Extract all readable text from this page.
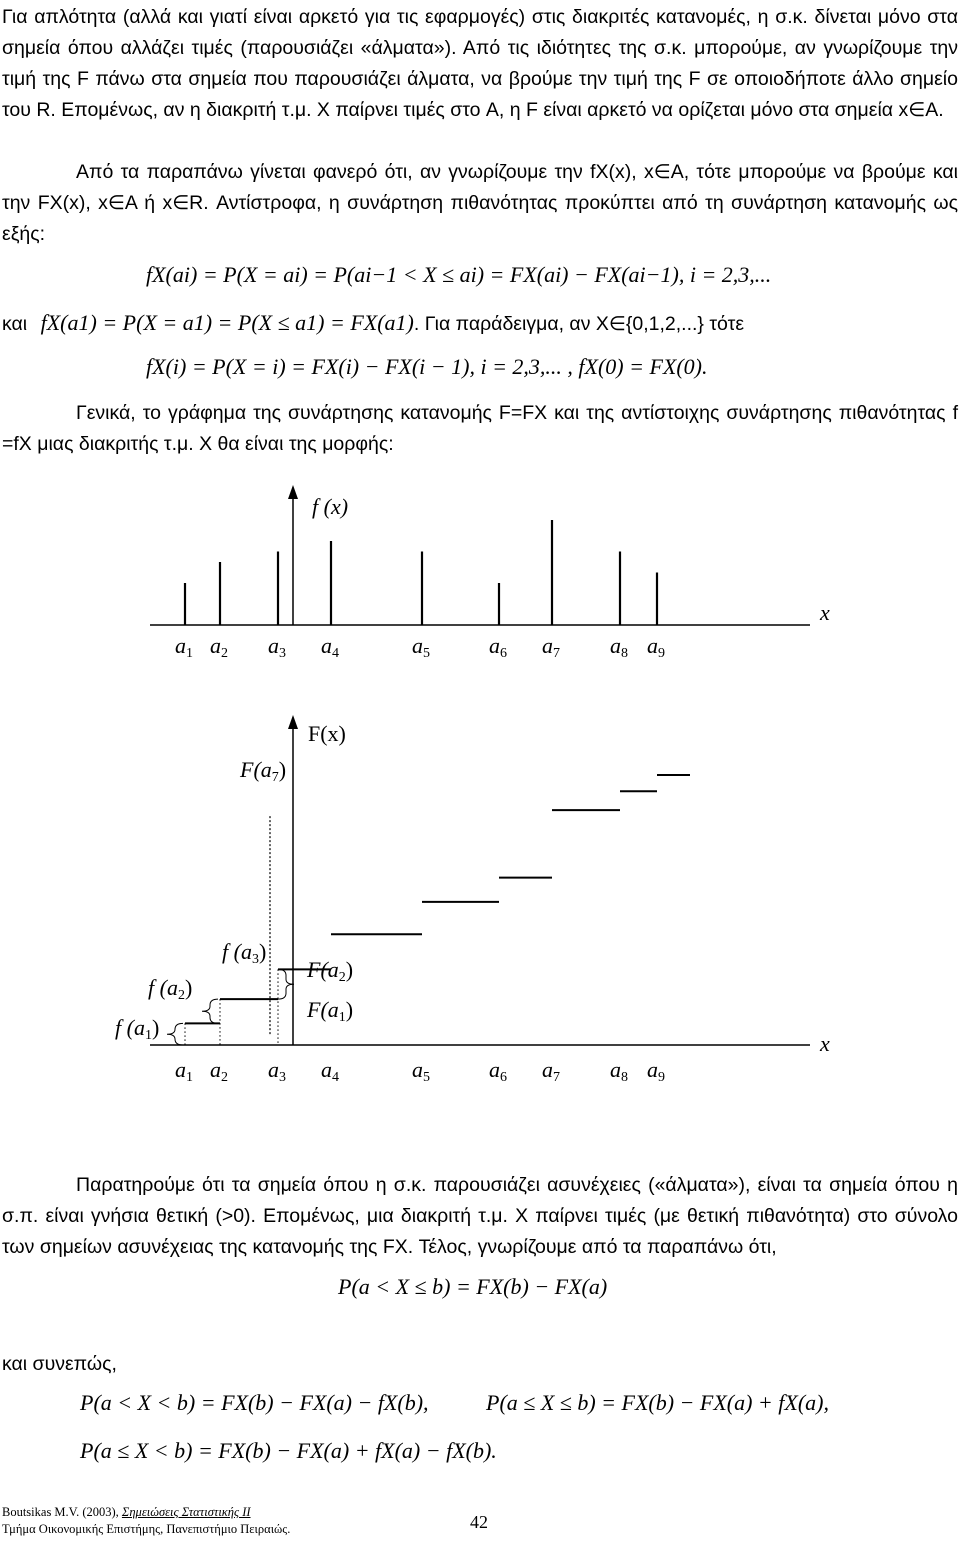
Για απλότητα (αλλά και γιατί είναι αρκετό για τις εφαρμογές) στις διακριτές κατανομές, η σ.κ. δίνεται μόνο στα σημεία όπου αλλάζει τιμές (παρουσιάζει «άλματα»). Από τις ιδιότητες της σ.κ. μπορούμε, αν γνωρίζουμε την τιμή της F πάνω στα σημεία που παρουσιάζει άλματα, να βρούμε την τιμή της F σε οποιοδήποτε άλλο σημείο του R. Επομένως, αν η διακριτή τ.μ. X παίρνει τιμές στο A, η F είναι αρκετό να ορίζεται μόνο στα σημεία x∈A.

Από τα παραπάνω γίνεται φανερό ότι, αν γνωρίζουμε την fX(x), x∈A, τότε μπορούμε να βρούμε και την FX(x), x∈A ή x∈R. Αντίστροφα, η συνάρτηση πιθανότητας προκύπτει από τη συνάρτηση κατανομής ως εξής:

fX(ai) = P(X = ai) = P(ai−1 < X ≤ ai) = FX(ai) − FX(ai−1), i = 2,3,...
και fX(a1) = P(X = a1) = P(X ≤ a1) = FX(a1). Για παράδειγμα, αν X∈{0,1,2,...} τότε
fX(i) = P(X = i) = FX(i) − FX(i − 1), i = 2,3,... , fX(0) = FX(0).

Γενικά, το γράφημα της συνάρτησης κατανομής F=FX και της αντίστοιχης συνάρτησης πιθανότητας f =fX μιας διακριτής τ.μ. X θα είναι της μορφής:

f (x)
x
a1 a2 a3 a4	a5	a6 a7 a8 a9
F(x)
x
a1 a2 a3 a4	a5	a6 a7 a8 a9
F(a7)
f (a3)
f (a2)
f (a1)
F(a2)
F(a1)

Παρατηρούμε ότι τα σημεία όπου η σ.κ. παρουσιάζει ασυνέχειες («άλματα»), είναι τα σημεία όπου η σ.π. είναι γνήσια θετική (>0). Επομένως, μια διακριτή τ.μ. X παίρνει τιμές (με θετική πιθανότητα) στο σύνολο των σημείων ασυνέχειας της κατανομής της FX. Τέλος, γνωρίζουμε από τα παραπάνω ότι,

P(a < X ≤ b) = FX(b) − FX(a)
και συνεπώς,
P(a < X < b) = FX(b) − FX(a) − fX(b),	P(a ≤ X ≤ b) = FX(b) − FX(a) + fX(a),
P(a ≤ X < b) = FX(b) − FX(a) + fX(a) − fX(b).
Boutsikas M.V. (2003), Σημειώσεις Στατιστικής ΙΙ
Τμήμα Οικονομικής Επιστήμης, Πανεπιστήμιο Πειραιώς.	42
